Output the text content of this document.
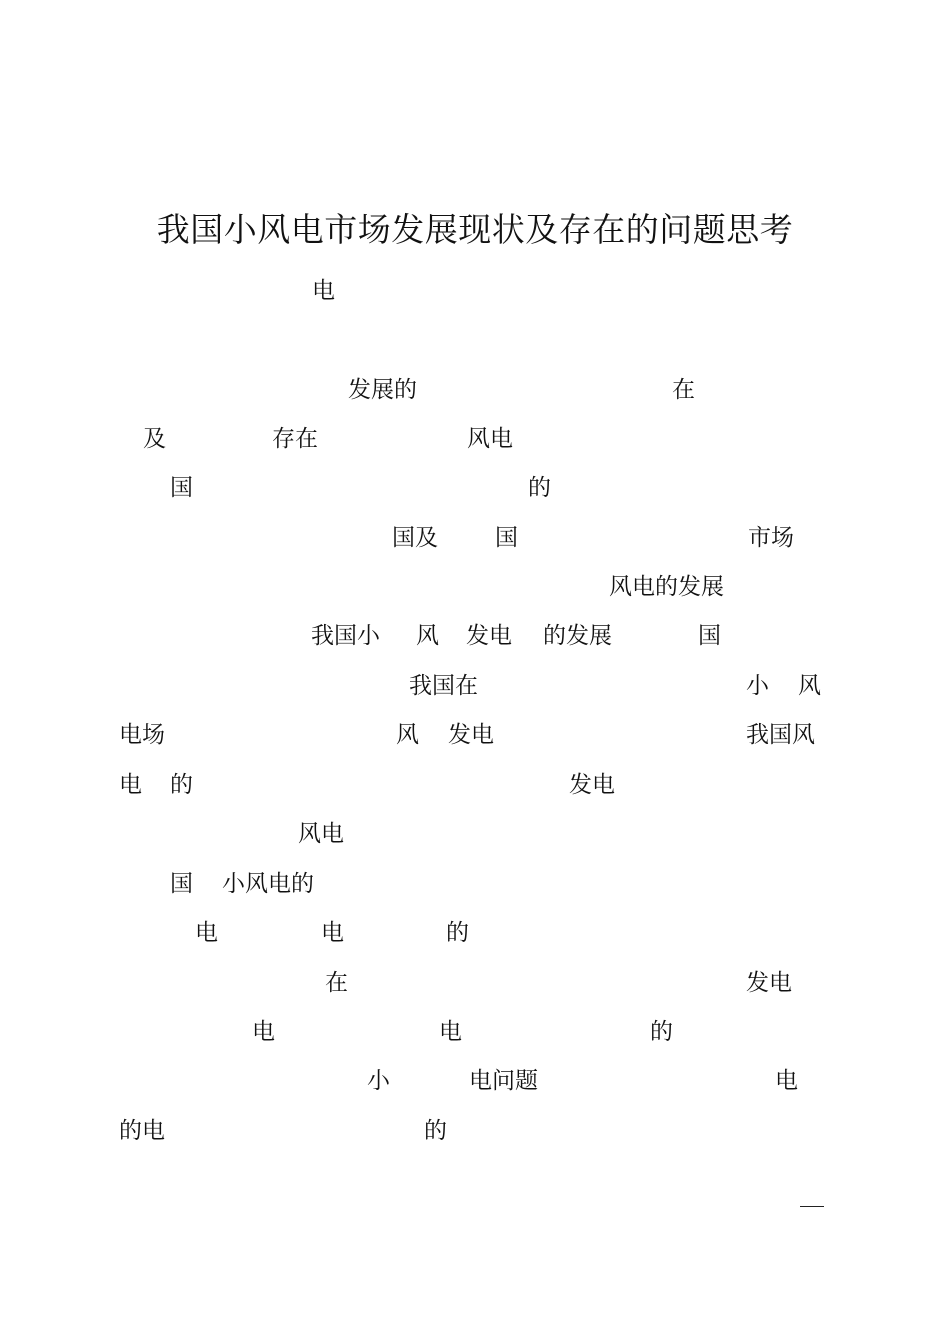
我国小风电市场发展现状及存在的问题思考
电
发展的	在
及	存在	风电
国	的
国及 国	市场
风电的发展
我国小 风 发电 的发展	国
我国在	小 风
电场	风 发电	我国风
电 的	发电
风电
国 小风电的
电	电	的
在	发电
电	电	的
小	电问题	电
的电	的
